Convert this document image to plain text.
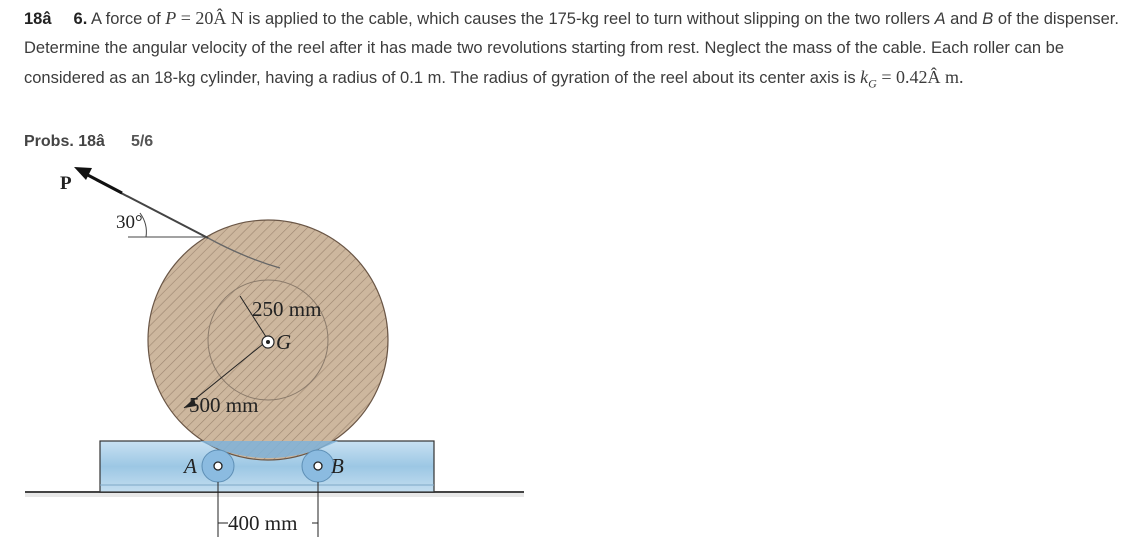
18â 6. A force of P = 20Â N is applied to the cable, which causes the 175-kg reel to turn without slipping on the two rollers A and B of the dispenser. Determine the angular velocity of the reel after it has made two revolutions starting from rest. Neglect the mass of the cable. Each roller can be considered as an 18-kg cylinder, having a radius of 0.1 m. The radius of gyration of the reel about its center axis is $k_G$ = 0.42Â m.
Probs. 18â 5/6
P
30°
250 mm
G
500 mm
A	B
400 mm
